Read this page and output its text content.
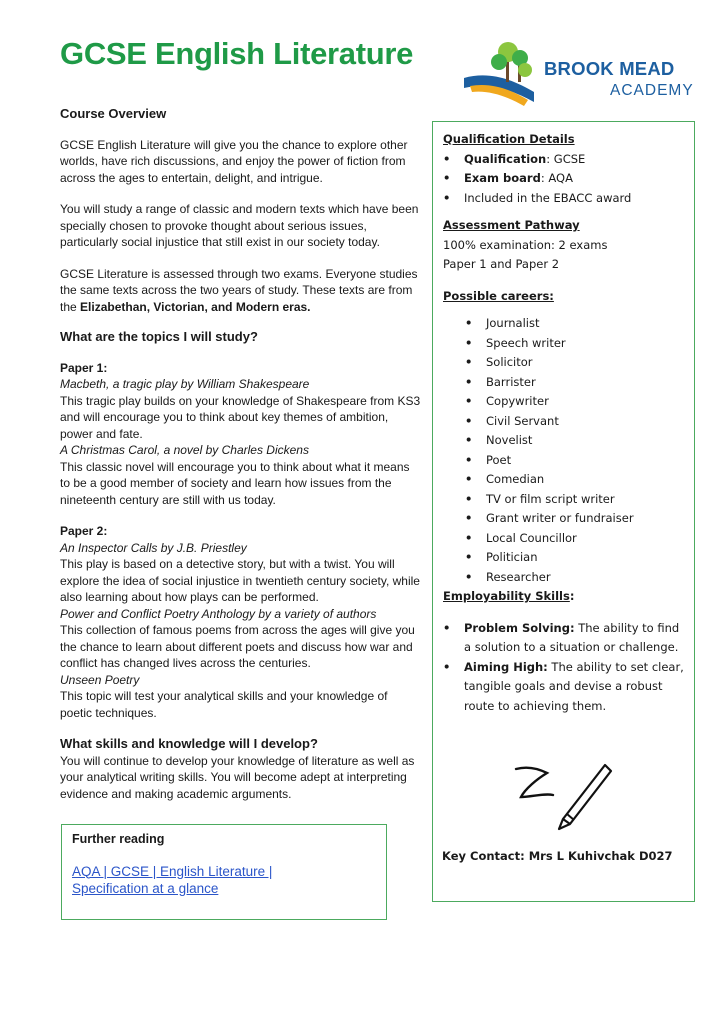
GCSE English Literature	BROOK MEAD
ACADEMY
Course Overview

GCSE English Literature will give you the chance to explore other worlds, have rich discussions, and enjoy the power of fiction from across the ages to entertain, delight, and intrigue.

You will study a range of classic and modern texts which have been specially chosen to provoke thought about serious issues, particularly social injustice that still exist in our society today.

GCSE Literature is assessed through two exams. Everyone studies the same texts across the two years of study. These texts are from the Elizabethan, Victorian, and Modern eras.

What are the topics I will study?
Paper 1:
Macbeth, a tragic play by William Shakespeare
This tragic play builds on your knowledge of Shakespeare from KS3 and will encourage you to think about key themes of ambition, power and fate.
A Christmas Carol, a novel by Charles Dickens

This classic novel will encourage you to think about what it means to be a good member of society and learn how issues from the nineteenth century are still with us today.

Paper 2:
An Inspector Calls by J.B. Priestley
This play is based on a detective story, but with a twist. You will explore the idea of social injustice in twentieth century society, while also learning about how plays can be performed.
Power and Conflict Poetry Anthology by a variety of authors
This collection of famous poems from across the ages will give you the chance to learn about different poets and discuss how war and conflict has changed lives across the centuries.
Unseen Poetry
This topic will test your analytical skills and your knowledge of poetic techniques.
What skills and knowledge will I develop?
You will continue to develop your knowledge of literature as well as your analytical writing skills. You will become adept at interpreting evidence and making academic arguments.
Further reading
AQA | GCSE | English Literature |
Specification at a glance
Qualification Details
• Qualification: GCSE
• Exam board: AQA
• Included in the EBACC award
Assessment Pathway
100% examination: 2 exams
Paper 1 and Paper 2
Possible careers:
• Journalist
• Speech writer
• Solicitor
• Barrister
• Copywriter
• Civil Servant
• Novelist
• Poet
• Comedian
• TV or film script writer
• Grant writer or fundraiser
• Local Councillor
• Politician
• Researcher
Employability Skills:
• Problem Solving: The ability to find a solution to a situation or challenge.
• Aiming High: The ability to set clear, tangible goals and devise a robust route to achieving them.
Key Contact: Mrs L Kuhivchak D027
